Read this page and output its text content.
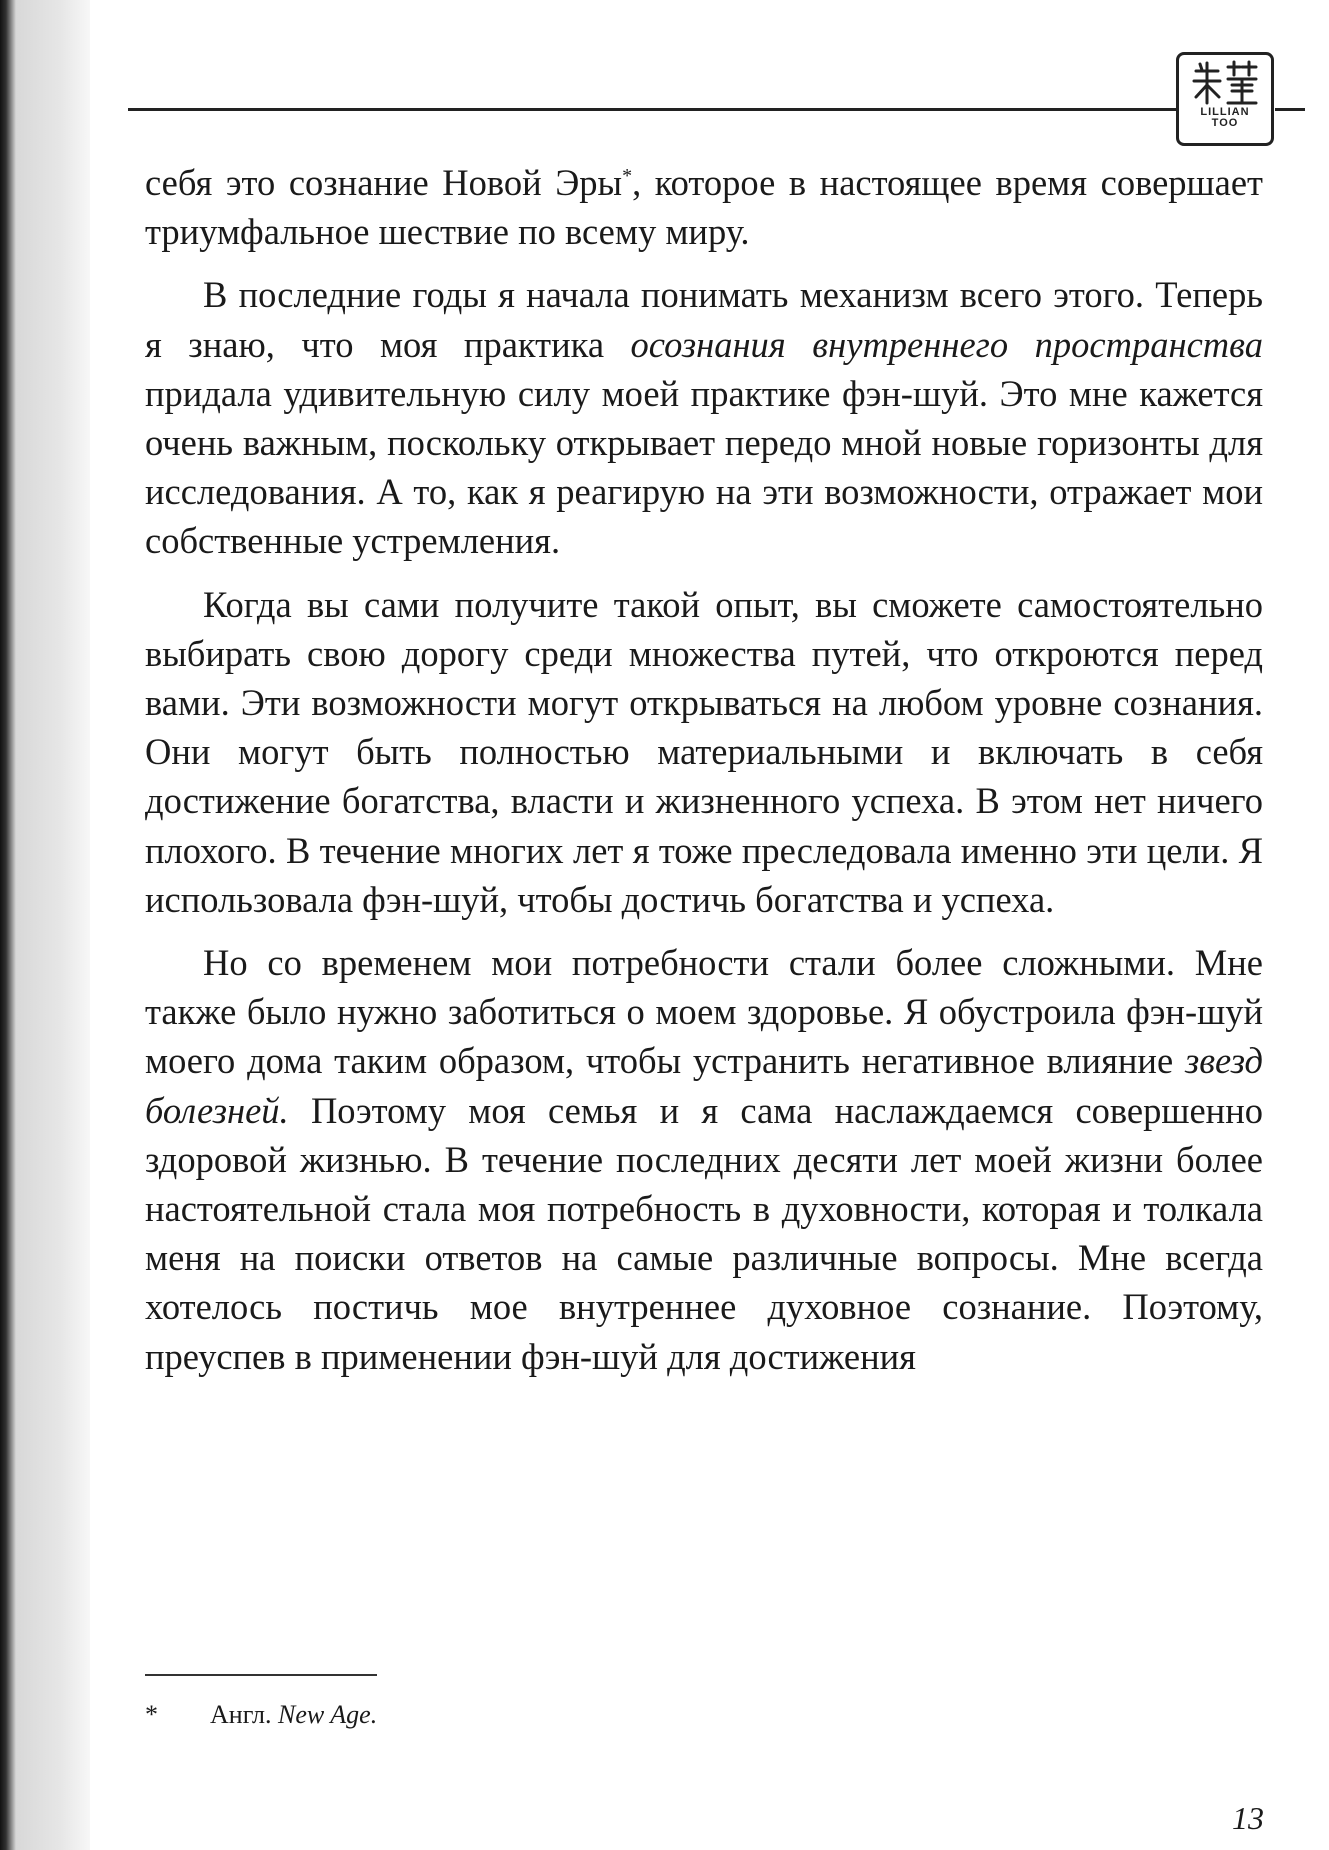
LILLIAN
TOO

себя это сознание Новой Эры*, которое в настоящее время совершает триумфальное шествие по всему миру.

В последние годы я начала понимать механизм всего этого. Теперь я знаю, что моя практика осознания внутреннего пространства придала удивительную силу моей практике фэн-шуй. Это мне кажется очень важным, поскольку открывает передо мной новые горизонты для исследования. А то, как я реагирую на эти возможности, отражает мои собственные устремления.

Когда вы сами получите такой опыт, вы сможете самостоятельно выбирать свою дорогу среди множества путей, что откроются перед вами. Эти возможности могут открываться на любом уровне сознания. Они могут быть полностью материальными и включать в себя достижение богатства, власти и жизненного успеха. В этом нет ничего плохого. В течение многих лет я тоже преследовала именно эти цели. Я использовала фэн-шуй, чтобы достичь богатства и успеха.

Но со временем мои потребности стали более сложными. Мне также было нужно заботиться о моем здоровье. Я обустроила фэн-шуй моего дома таким образом, чтобы устранить негативное влияние звезд болезней. Поэтому моя семья и я сама наслаждаемся совершенно здоровой жизнью. В течение последних десяти лет моей жизни более настоятельной стала моя потребность в духовности, которая и толкала меня на поиски ответов на самые различные вопросы. Мне всегда хотелось постичь мое внутреннее духовное сознание. Поэтому, преуспев в применении фэн-шуй для достижения

* Англ. New Age.
13
